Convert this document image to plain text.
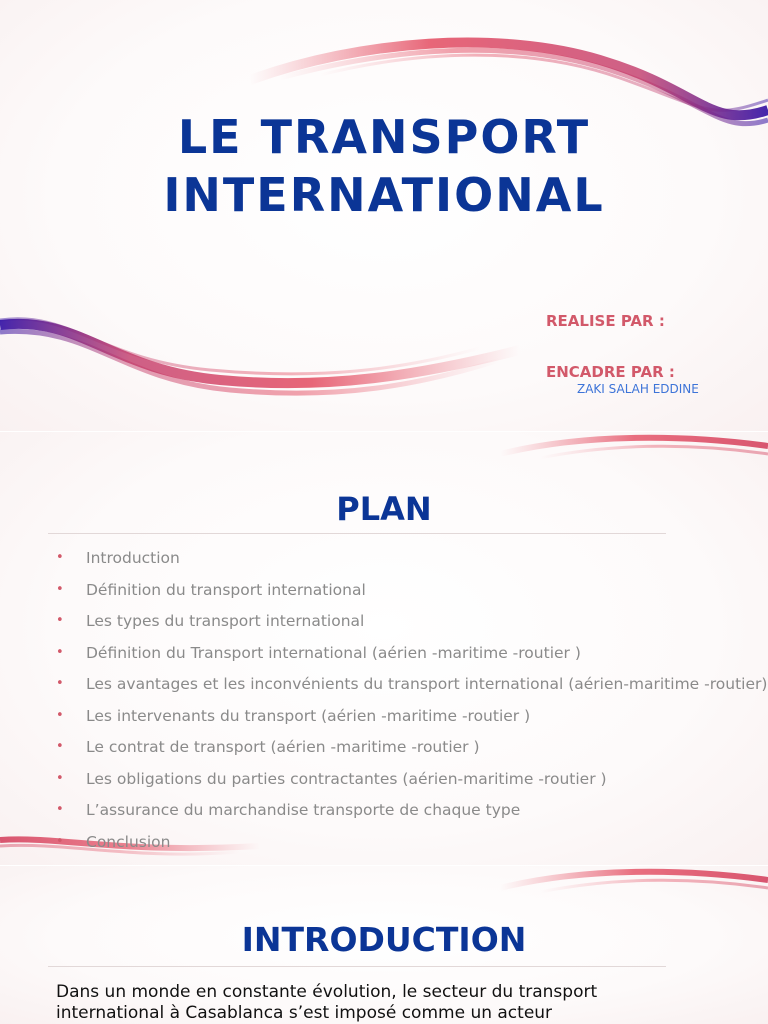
LE TRANSPORT
INTERNATIONAL
REALISE PAR :
ENCADRE PAR :
ZAKI SALAH EDDINE
PLAN
• Introduction
• Définition du transport international
• Les types du transport international
• Définition du Transport international (aérien -maritime -routier )
• Les avantages et les inconvénients du transport international (aérien-maritime -routier)
• Les intervenants du transport (aérien -maritime -routier )
• Le contrat de transport (aérien -maritime -routier )
• Les obligations du parties contractantes (aérien-maritime -routier )
• L’assurance du marchandise transporte de chaque type
• Conclusion
INTRODUCTION
Dans un monde en constante évolution, le secteur du transport international à Casablanca s’est imposé comme un acteur
